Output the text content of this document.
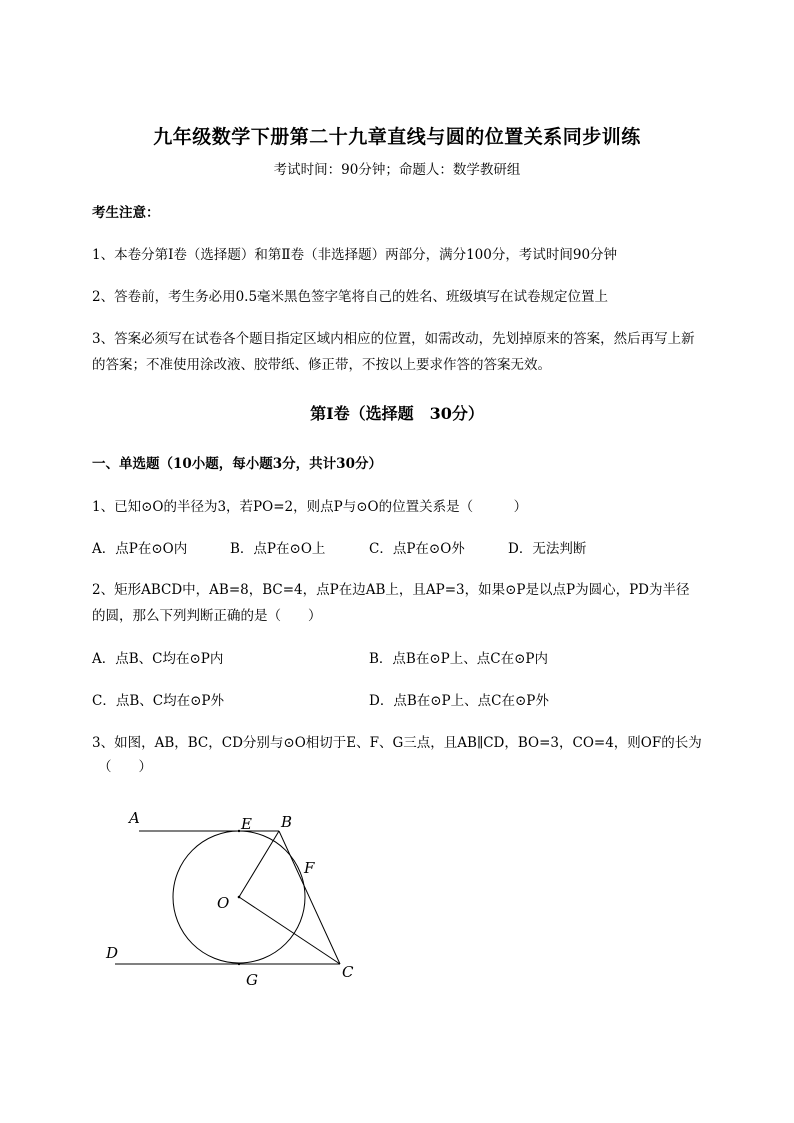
九年级数学下册第二十九章直线与圆的位置关系同步训练
考试时间：90分钟；命题人：数学教研组
考生注意：
1、本卷分第I卷（选择题）和第Ⅱ卷（非选择题）两部分，满分100分，考试时间90分钟
2、答卷前，考生务必用0.5毫米黑色签字笔将自己的姓名、班级填写在试卷规定位置上
3、答案必须写在试卷各个题目指定区域内相应的位置，如需改动，先划掉原来的答案，然后再写上新
的答案；不准使用涂改液、胶带纸、修正带，不按以上要求作答的答案无效。
第I卷（选择题　30分）
一、单选题（10小题，每小题3分，共计30分）
1、已知⊙O的半径为3，若PO=2，则点P与⊙O的位置关系是（　　　）
A．点P在⊙O内	B．点P在⊙O上	C．点P在⊙O外	D．无法判断
2、矩形ABCD中，AB=8，BC=4，点P在边AB上，且AP=3，如果⊙P是以点P为圆心，PD为半径
的圆，那么下列判断正确的是（　　）
A．点B、C均在⊙P内	B．点B在⊙P上、点C在⊙P内
C．点B、C均在⊙P外	D．点B在⊙P上、点C在⊙P外
3、如图，AB，BC，CD分别与⊙O相切于E、F、G三点，且AB∥CD，BO=3，CO=4，则OF的长为
（　　）
A	E B
F
O
D
G	C
